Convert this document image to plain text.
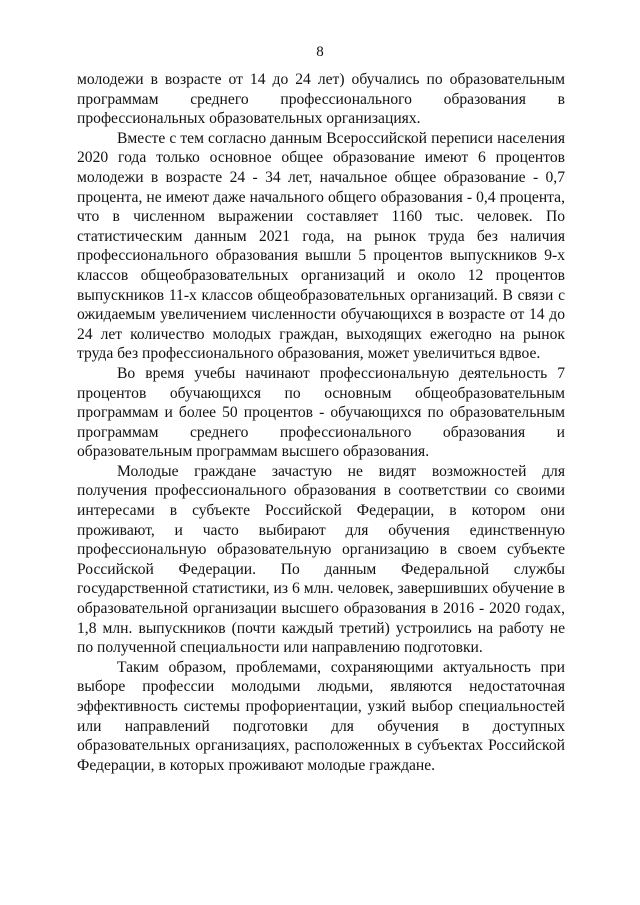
8

молодежи в возрасте от 14 до 24 лет) обучались по образовательным программам среднего профессионального образования в профессиональных образовательных организациях.

Вместе с тем согласно данным Всероссийской переписи населения 2020 года только основное общее образование имеют 6 процентов молодежи в возрасте 24 - 34 лет, начальное общее образование - 0,7 процента, не имеют даже начального общего образования - 0,4 процента, что в численном выражении составляет 1160 тыс. человек. По статистическим данным 2021 года, на рынок труда без наличия профессионального образования вышли 5 процентов выпускников 9-х классов общеобразовательных организаций и около 12 процентов выпускников 11-х классов общеобразовательных организаций. В связи с ожидаемым увеличением численности обучающихся в возрасте от 14 до 24 лет количество молодых граждан, выходящих ежегодно на рынок труда без профессионального образования, может увеличиться вдвое.

Во время учебы начинают профессиональную деятельность 7 процентов обучающихся по основным общеобразовательным программам и более 50 процентов - обучающихся по образовательным программам среднего профессионального образования и образовательным программам высшего образования.

Молодые граждане зачастую не видят возможностей для получения профессионального образования в соответствии со своими интересами в субъекте Российской Федерации, в котором они проживают, и часто выбирают для обучения единственную профессиональную образовательную организацию в своем субъекте Российской Федерации. По данным Федеральной службы государственной статистики, из 6 млн. человек, завершивших обучение в образовательной организации высшего образования в 2016 - 2020 годах, 1,8 млн. выпускников (почти каждый третий) устроились на работу не по полученной специальности или направлению подготовки.

Таким образом, проблемами, сохраняющими актуальность при выборе профессии молодыми людьми, являются недостаточная эффективность системы профориентации, узкий выбор специальностей или направлений подготовки для обучения в доступных образовательных организациях, расположенных в субъектах Российской Федерации, в которых проживают молодые граждане.
